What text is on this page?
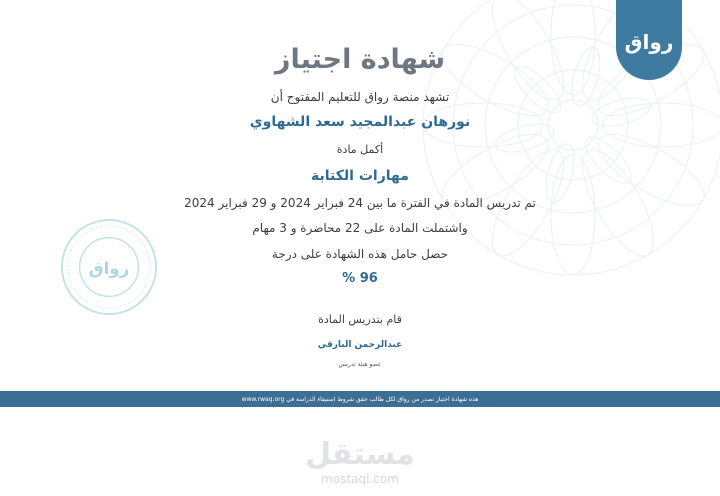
رواق
رواق
شهادة اجتياز
تشهد منصة رواق للتعليم المفتوح أن
نورهان عبدالمجيد سعد الشهاوي
أكمل مادة
مهارات الكتابة
تم تدريس المادة في الفترة ما بين 24 فبراير 2024 و 29 فبراير 2024
واشتملت المادة على 22 محاضرة و 3 مهام
حصل حامل هذه الشهادة على درجة
96 %
قام بتدريس المادة
عبدالرحمن البارقي
عضو هيئة تدريس
هذه شهادة اجتياز تصدر من رواق لكل طالب حقق شروط استيفاء الدراسة في www.rwaq.org
مستقل
mostaql.com
